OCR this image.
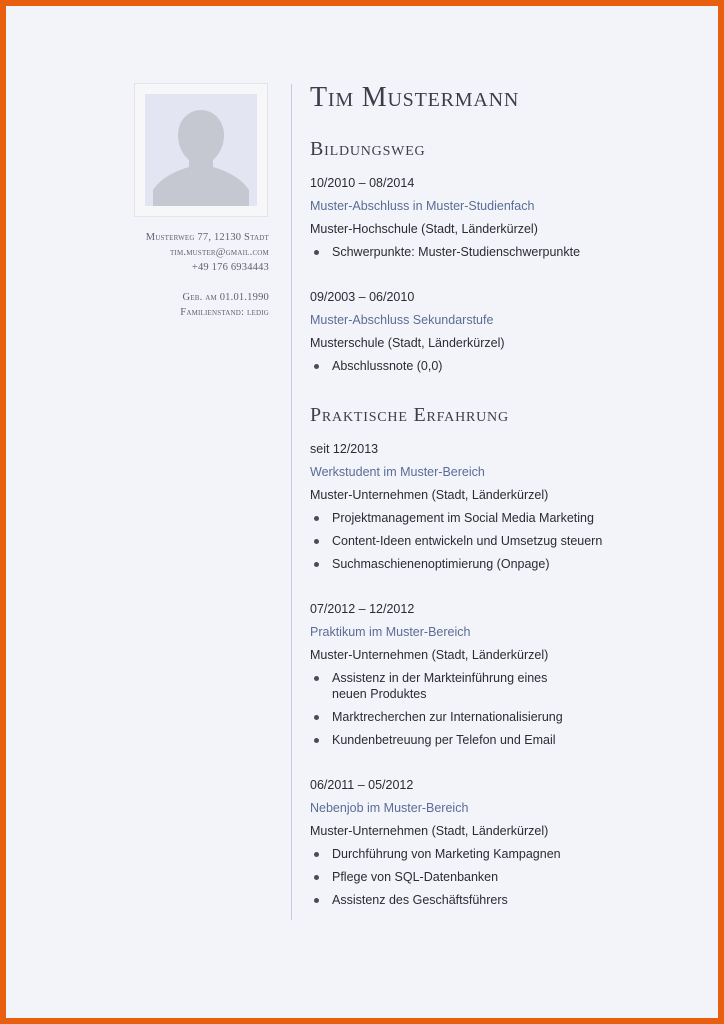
Musterweg 77, 12130 Stadt
tim.muster@gmail.com
+49 176 6934443
Geb. am 01.01.1990
Familienstand: ledig
Tim Mustermann
Bildungsweg
10/2010 – 08/2014
Muster-Abschluss in Muster-Studienfach
Muster-Hochschule (Stadt, Länderkürzel)
Schwerpunkte: Muster-Studienschwerpunkte
09/2003 – 06/2010
Muster-Abschluss Sekundarstufe
Musterschule (Stadt, Länderkürzel)
Abschlussnote (0,0)
Praktische Erfahrung
seit 12/2013
Werkstudent im Muster-Bereich
Muster-Unternehmen (Stadt, Länderkürzel)
Projektmanagement im Social Media Marketing
Content-Ideen entwickeln und Umsetzug steuern
Suchmaschienenoptimierung (Onpage)
07/2012 – 12/2012
Praktikum im Muster-Bereich
Muster-Unternehmen (Stadt, Länderkürzel)
Assistenz in der Markteinführung eines neuen Produktes
Marktrecherchen zur Internationalisierung
Kundenbetreuung per Telefon und Email
06/2011 – 05/2012
Nebenjob im Muster-Bereich
Muster-Unternehmen (Stadt, Länderkürzel)
Durchführung von Marketing Kampagnen
Pflege von SQL-Datenbanken
Assistenz des Geschäftsführers
